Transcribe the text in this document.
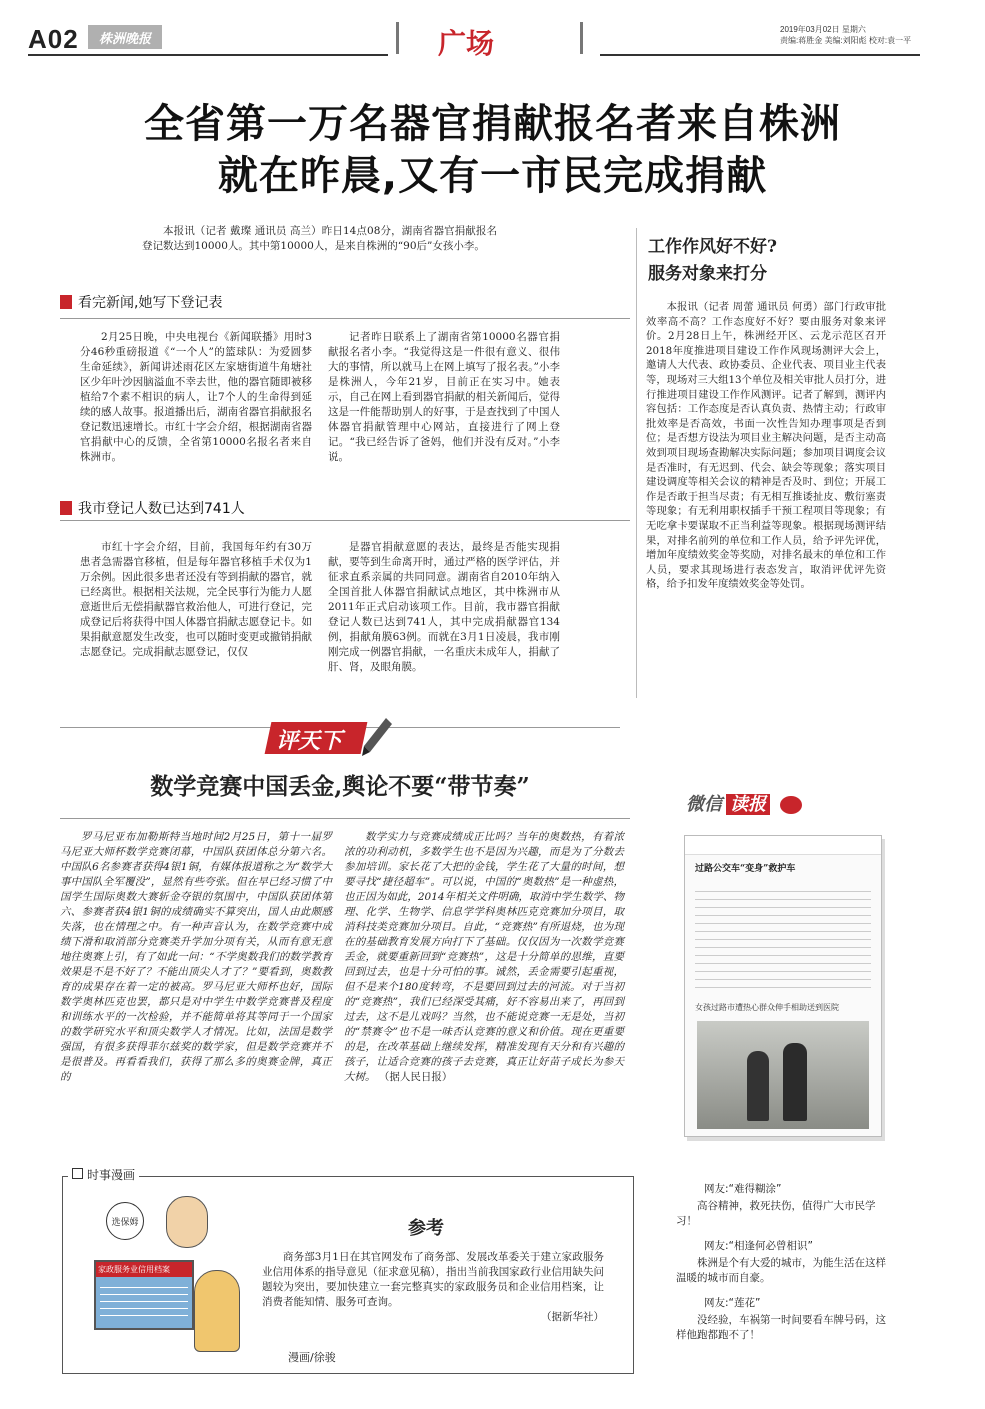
A02	株洲晚报	广场	2019年03月02日 星期六
责编:蒋胜金 美编:刘阳彪 校对:袁一平
全省第一万名器官捐献报名者来自株洲
就在昨晨,又有一市民完成捐献
本报讯（记者 戴璨 通讯员 高兰）昨日14点08分，湖南省器官捐献报名登记数达到10000人。其中第10000人，是来自株洲的“90后”女孩小李。
看完新闻,她写下登记表
2月25日晚，中央电视台《新闻联播》用时3分46秒重磅报道《“一个人”的篮球队：为爱圆梦 生命延续》，新闻讲述雨花区左家塘街道牛角塘社区少年叶沙因脑溢血不幸去世，他的器官随即被移植给7个素不相识的病人，让7个人的生命得到延续的感人故事。报道播出后，湖南省器官捐献报名登记数迅速增长。市红十字会介绍，根据湖南省器官捐献中心的反馈，全省第10000名报名者来自株洲市。
记者昨日联系上了湖南省第10000名器官捐献报名者小李。“我觉得这是一件很有意义、很伟大的事情，所以就马上在网上填写了报名表。”小李是株洲人，今年21岁，目前正在实习中。她表示，自己在网上看到器官捐献的相关新闻后，觉得这是一件能帮助别人的好事，于是查找到了中国人体器官捐献管理中心网站，直接进行了网上登记。“我已经告诉了爸妈，他们并没有反对。”小李说。
我市登记人数已达到741人
市红十字会介绍，目前，我国每年约有30万患者急需器官移植，但是每年器官移植手术仅为1万余例。因此很多患者还没有等到捐献的器官，就已经离世。根据相关法规，完全民事行为能力人愿意逝世后无偿捐献器官救治他人，可进行登记，完成登记后将获得中国人体器官捐献志愿登记卡。如果捐献意愿发生改变，也可以随时变更或撤销捐献志愿登记。完成捐献志愿登记，仅仅
是器官捐献意愿的表达，最终是否能实现捐献，要等到生命离开时，通过严格的医学评估，并征求直系亲属的共同同意。湖南省自2010年纳入全国首批人体器官捐献试点地区，其中株洲市从2011年正式启动该项工作。目前，我市器官捐献登记人数已达到741人，其中完成捐献器官134例，捐献角膜63例。而就在3月1日凌晨，我市刚刚完成一例器官捐献，一名重庆未成年人，捐献了肝、肾，及眼角膜。
工作作风好不好?
服务对象来打分
本报讯（记者 周蕾 通讯员 何勇）部门行政审批效率高不高？工作态度好不好？要由服务对象来评价。2月28日上午，株洲经开区、云龙示范区召开2018年度推进项目建设工作作风现场测评大会上，邀请人大代表、政协委员、企业代表、项目业主代表等，现场对三大组13个单位及相关审批人员打分，进行推进项目建设工作作风测评。记者了解到，测评内容包括：工作态度是否认真负责、热情主动；行政审批效率是否高效，书面一次性告知办理事项是否到位；是否想方设法为项目业主解决问题，是否主动高效到项目现场查勘解决实际问题；参加项目调度会议是否准时，有无迟到、代会、缺会等现象；落实项目建设调度等相关会议的精神是否及时、到位；开展工作是否敢于担当尽责；有无相互推诿扯皮、敷衍塞责等现象；有无利用职权插手干预工程项目等现象；有无吃拿卡要谋取不正当利益等现象。根据现场测评结果，对排名前列的单位和工作人员，给予评先评优，增加年度绩效奖金等奖励，对排名最末的单位和工作人员，要求其现场进行表态发言，取消评优评先资格，给予扣发年度绩效奖金等处罚。
评天下
数学竞赛中国丢金,舆论不要“带节奏”
罗马尼亚布加勒斯特当地时间2月25日，第十一届罗马尼亚大师杯数学竞赛闭幕，中国队获团体总分第六名。中国队6名参赛者获得4银1铜，有媒体报道称之为“数学大事中国队全军覆没”，显然有些夸张。但在早已经习惯了中国学生国际奥数大赛斩金夺银的氛围中，中国队获团体第六、参赛者获4银1铜的成绩确实不算突出，国人由此颇感失落，也在情理之中。有一种声音认为，在数学竞赛中成绩下滑和取消部分竞赛类升学加分项有关，从而有意无意地往奥赛上引，有了如此一问：“不学奥数我们的数学教育效果是不是不好了？不能出顶尖人才了？”要看到，奥数教育的成果存在着一定的被高。罗马尼亚大师杯也好，国际数学奥林匹克也罢，都只是对中学生中数学竞赛普及程度和训练水平的一次检验，并不能简单将其等同于一个国家的数学研究水平和顶尖数学人才情况。比如，法国是数学强国，有很多获得菲尔兹奖的数学家，但是数学竞赛并不是很普及。再看看我们，获得了那么多的奥赛金牌，真正的
数学实力与竞赛成绩成正比吗？当年的奥数热，有着浓浓的功利动机，多数学生也不是因为兴趣，而是为了分数去参加培训。家长花了大把的金钱，学生花了大量的时间，想要寻找“捷径超车”。可以说，中国的“奥数热”是一种虚热，也正因为如此，2014年相关文件明确，取消中学生数学、物理、化学、生物学、信息学学科奥林匹克竞赛加分项目，取消科技类竞赛加分项目。自此，“竞赛热”有所退烧，也为现在的基础教育发展方向打下了基础。仅仅因为一次数学竞赛丢金，就要重新回到“竞赛热”，这是十分简单的思维，直要回到过去，也是十分可怕的事。诚然，丢金需要引起重视，但不是来个180度转弯，不是要回到过去的河流。对于当初的“竞赛热”，我们已经深受其痛，好不容易出来了，再回到过去，这不是儿戏吗？当然，也不能说竞赛一无是处，当初的“禁赛令”也不是一味否认竞赛的意义和价值。现在更重要的是，在改革基础上继续发挥，精准发现有天分和有兴趣的孩子，让适合竞赛的孩子去竞赛，真正让好苗子成长为参天大树。 （据人民日报）
微信 读报
过路公交车“变身”救护车
女孩过路市遭热心群众伸手相助送到医院
网友:“难得糊涂”
高谷精神，救死扶伤，值得广大市民学习！
网友:“相逢何必曾相识”
株洲是个有大爱的城市，为能生活在这样温暖的城市而自豪。
网友:“莲花”
没经验，车祸第一时间要看车牌号码，这样他跑都跑不了！
时事漫画
选保姆
家政服务业信用档案
参考
商务部3月1日在其官网发布了商务部、发展改革委关于建立家政服务业信用体系的指导意见（征求意见稿），指出当前我国家政行业信用缺失问题较为突出，要加快建立一套完整真实的家政服务员和企业信用档案，让消费者能知情、服务可查询。
（据新华社）
漫画/徐骏
